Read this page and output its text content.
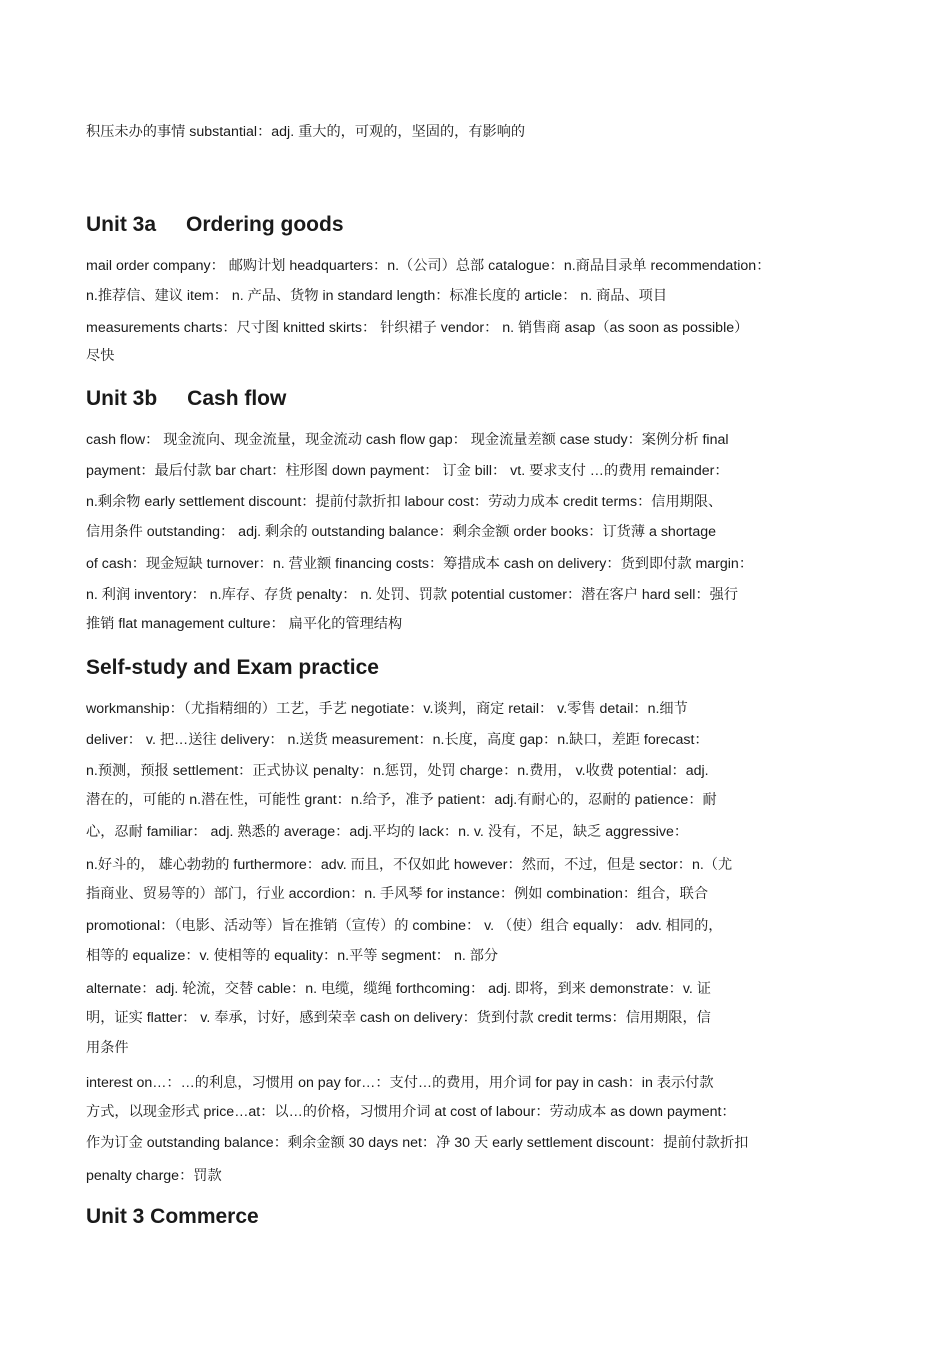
积压未办的事情 substantial：adj. 重大的，可观的，坚固的，有影响的
Unit 3a Ordering goods
mail order company： 邮购计划 headquarters：n.（公司）总部 catalogue：n.商品目录单 recommendation：
n.推荐信、建议 item： n. 产品、货物 in standard length：标准长度的 article： n. 商品、项目
measurements charts：尺寸图 knitted skirts： 针织裙子 vendor： n. 销售商 asap（as soon as possible）
尽快
Unit 3b Cash flow
cash flow： 现金流向、现金流量，现金流动 cash flow gap： 现金流量差额 case study：案例分析 final
payment：最后付款 bar chart：柱形图 down payment： 订金 bill： vt. 要求支付 …的费用 remainder：
n.剩余物 early settlement discount：提前付款折扣 labour cost：劳动力成本 credit terms：信用期限、
信用条件 outstanding： adj. 剩余的 outstanding balance：剩余金额 order books：订货薄 a shortage
of cash：现金短缺 turnover：n. 营业额 financing costs：筹措成本 cash on delivery：货到即付款 margin：
n. 利润 inventory： n.库存、存货 penalty： n. 处罚、罚款 potential customer：潜在客户 hard sell：强行
推销 flat management culture： 扁平化的管理结构
Self-study and Exam practice
workmanship：（尤指精细的）工艺，手艺 negotiate：v.谈判，商定 retail： v.零售 detail：n.细节
deliver： v. 把…送往 delivery： n.送货 measurement：n.长度，高度 gap：n.缺口，差距 forecast：
n.预测，预报 settlement：正式协议 penalty：n.惩罚，处罚 charge：n.费用， v.收费 potential：adj.
潜在的，可能的 n.潜在性，可能性 grant：n.给予，准予 patient：adj.有耐心的，忍耐的 patience：耐
心，忍耐 familiar： adj. 熟悉的 average：adj.平均的 lack：n. v. 没有，不足，缺乏 aggressive：
n.好斗的， 雄心勃勃的 furthermore：adv. 而且，不仅如此 however：然而，不过，但是 sector：n.（尤
指商业、贸易等的）部门，行业 accordion：n. 手风琴 for instance：例如 combination：组合，联合
promotional：（电影、活动等）旨在推销（宣传）的 combine： v. （使）组合 equally： adv. 相同的，
相等的 equalize：v. 使相等的 equality：n.平等 segment： n. 部分
alternate：adj. 轮流，交替 cable：n. 电缆，缆绳 forthcoming： adj. 即将，到来 demonstrate：v. 证
明，证实 flatter： v. 奉承，讨好，感到荣幸 cash on delivery：货到付款 credit terms：信用期限，信
用条件
interest on…：…的利息，习惯用 on pay for…：支付…的费用，用介词 for pay in cash：in 表示付款
方式，以现金形式 price…at：以…的价格，习惯用介词 at cost of labour：劳动成本 as down payment：
作为订金 outstanding balance：剩余金额 30 days net：净 30 天 early settlement discount：提前付款折扣
penalty charge：罚款
Unit 3 Commerce
